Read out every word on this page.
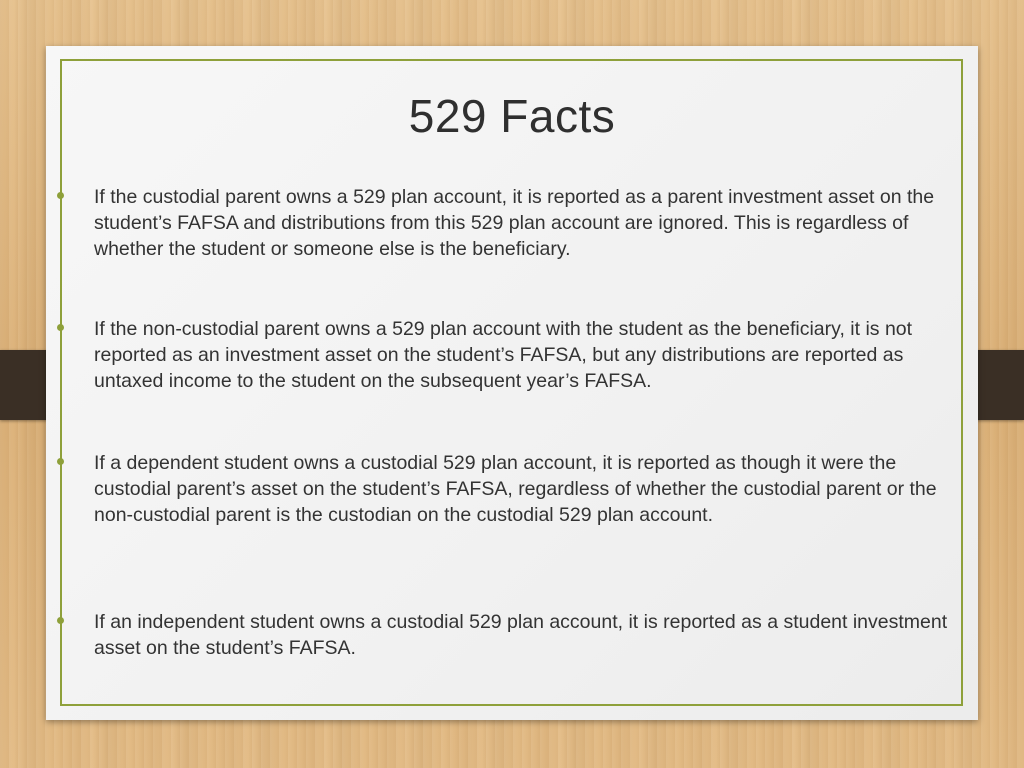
529 Facts
If the custodial parent owns a 529 plan account, it is reported as a parent investment asset on the student’s FAFSA and distributions from this 529 plan account are ignored. This is regardless of whether the student or someone else is the beneficiary.
If the non-custodial parent owns a 529 plan account with the student as the beneficiary, it is not reported as an investment asset on the student’s FAFSA, but any distributions are reported as untaxed income to the student on the subsequent year’s FAFSA.
If a dependent student owns a custodial 529 plan account, it is reported as though it were the custodial parent’s asset on the student’s FAFSA, regardless of whether the custodial parent or the non-custodial parent is the custodian on the custodial 529 plan account.
If an independent student owns a custodial 529 plan account, it is reported as a student investment asset on the student’s FAFSA.
